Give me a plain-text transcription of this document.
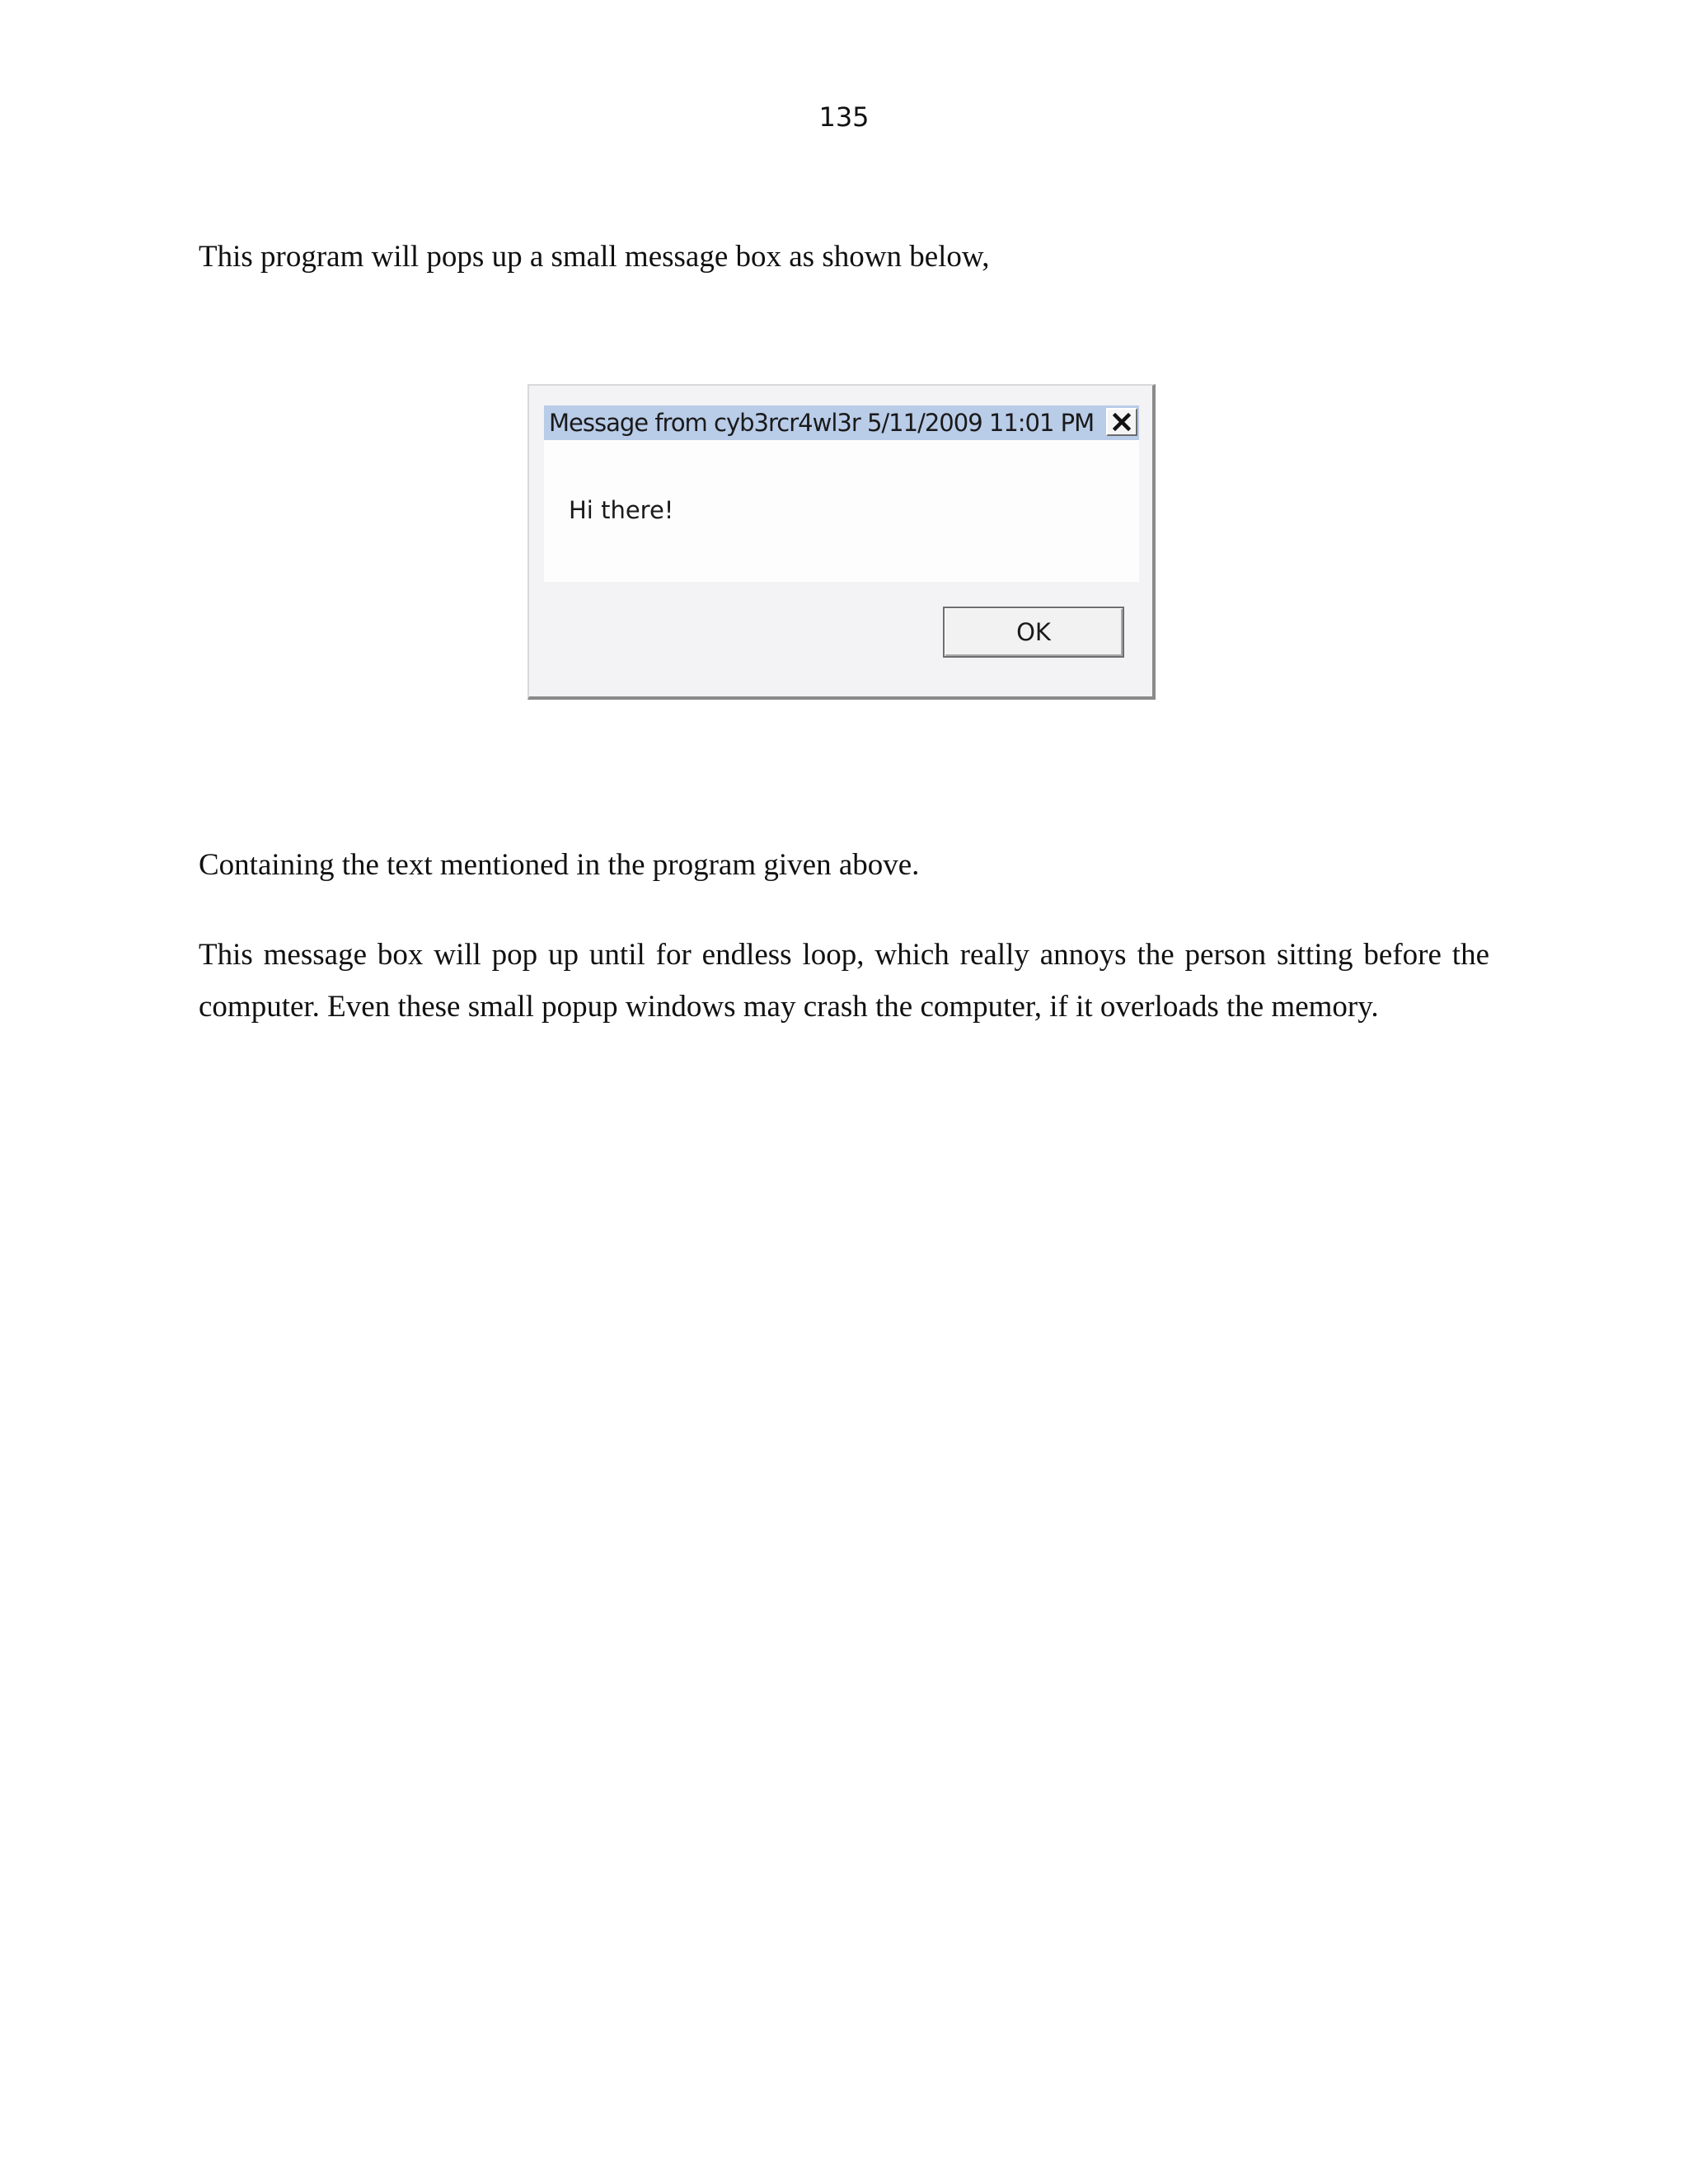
135

This program will pops up a small message box as shown below,

Message from cyb3rcr4wl3r 5/11/2009 11:01 PM
Hi there!
OK

Containing the text mentioned in the program given above.

This message box will pop up until for endless loop, which really annoys the person sitting before the computer. Even these small popup windows may crash the computer, if it overloads the memory.
